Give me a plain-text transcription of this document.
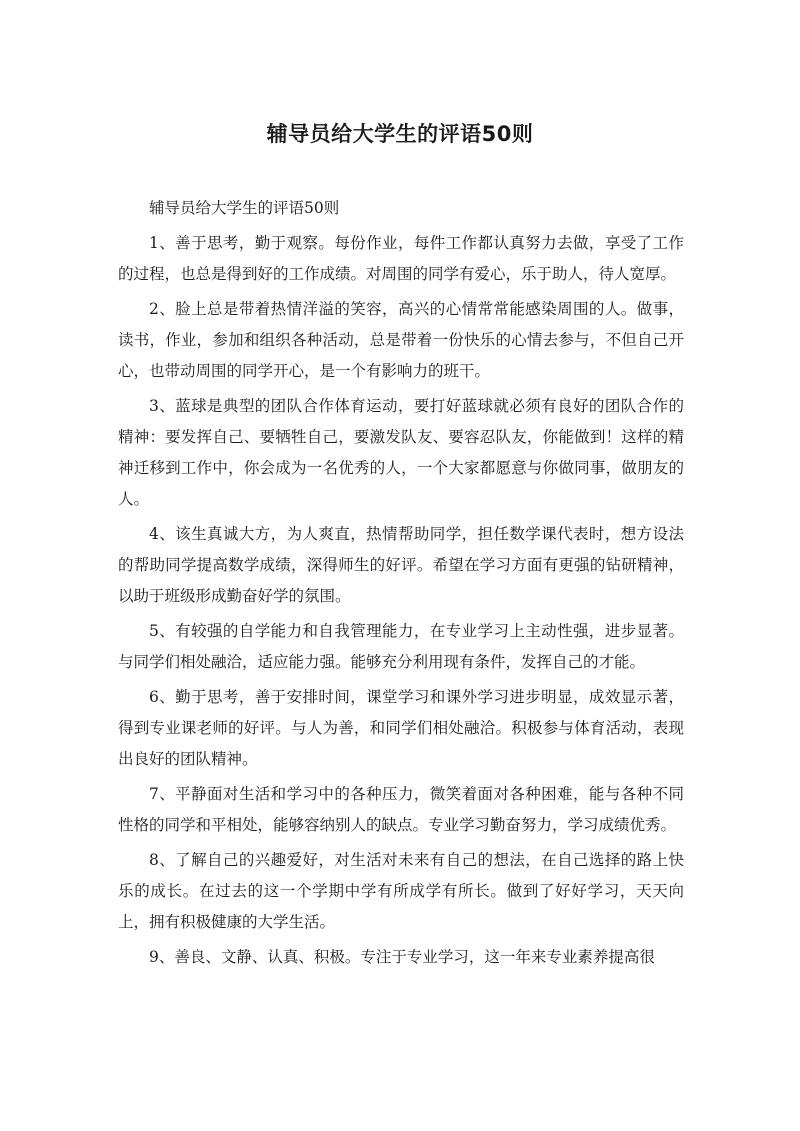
辅导员给大学生的评语50则

辅导员给大学生的评语50则

1、善于思考，勤于观察。每份作业，每件工作都认真努力去做，享受了工作的过程，也总是得到好的工作成绩。对周围的同学有爱心，乐于助人，待人宽厚。

2、脸上总是带着热情洋溢的笑容，高兴的心情常常能感染周围的人。做事，读书，作业，参加和组织各种活动，总是带着一份快乐的心情去参与，不但自己开心，也带动周围的同学开心，是一个有影响力的班干。

3、蓝球是典型的团队合作体育运动，要打好蓝球就必须有良好的团队合作的精神：要发挥自己、要牺牲自己，要激发队友、要容忍队友，你能做到！这样的精神迁移到工作中，你会成为一名优秀的人，一个大家都愿意与你做同事，做朋友的人。

4、该生真诚大方，为人爽直，热情帮助同学，担任数学课代表时，想方设法的帮助同学提高数学成绩，深得师生的好评。希望在学习方面有更强的钻研精神，以助于班级形成勤奋好学的氛围。

5、有较强的自学能力和自我管理能力，在专业学习上主动性强，进步显著。与同学们相处融洽，适应能力强。能够充分利用现有条件，发挥自己的才能。

6、勤于思考，善于安排时间，课堂学习和课外学习进步明显，成效显示著，得到专业课老师的好评。与人为善，和同学们相处融洽。积极参与体育活动，表现出良好的团队精神。

7、平静面对生活和学习中的各种压力，微笑着面对各种困难，能与各种不同性格的同学和平相处，能够容纳别人的缺点。专业学习勤奋努力，学习成绩优秀。

8、了解自己的兴趣爱好，对生活对未来有自己的想法，在自己选择的路上快乐的成长。在过去的这一个学期中学有所成学有所长。做到了好好学习，天天向上，拥有积极健康的大学生活。

9、善良、文静、认真、积极。专注于专业学习，这一年来专业素养提高很
